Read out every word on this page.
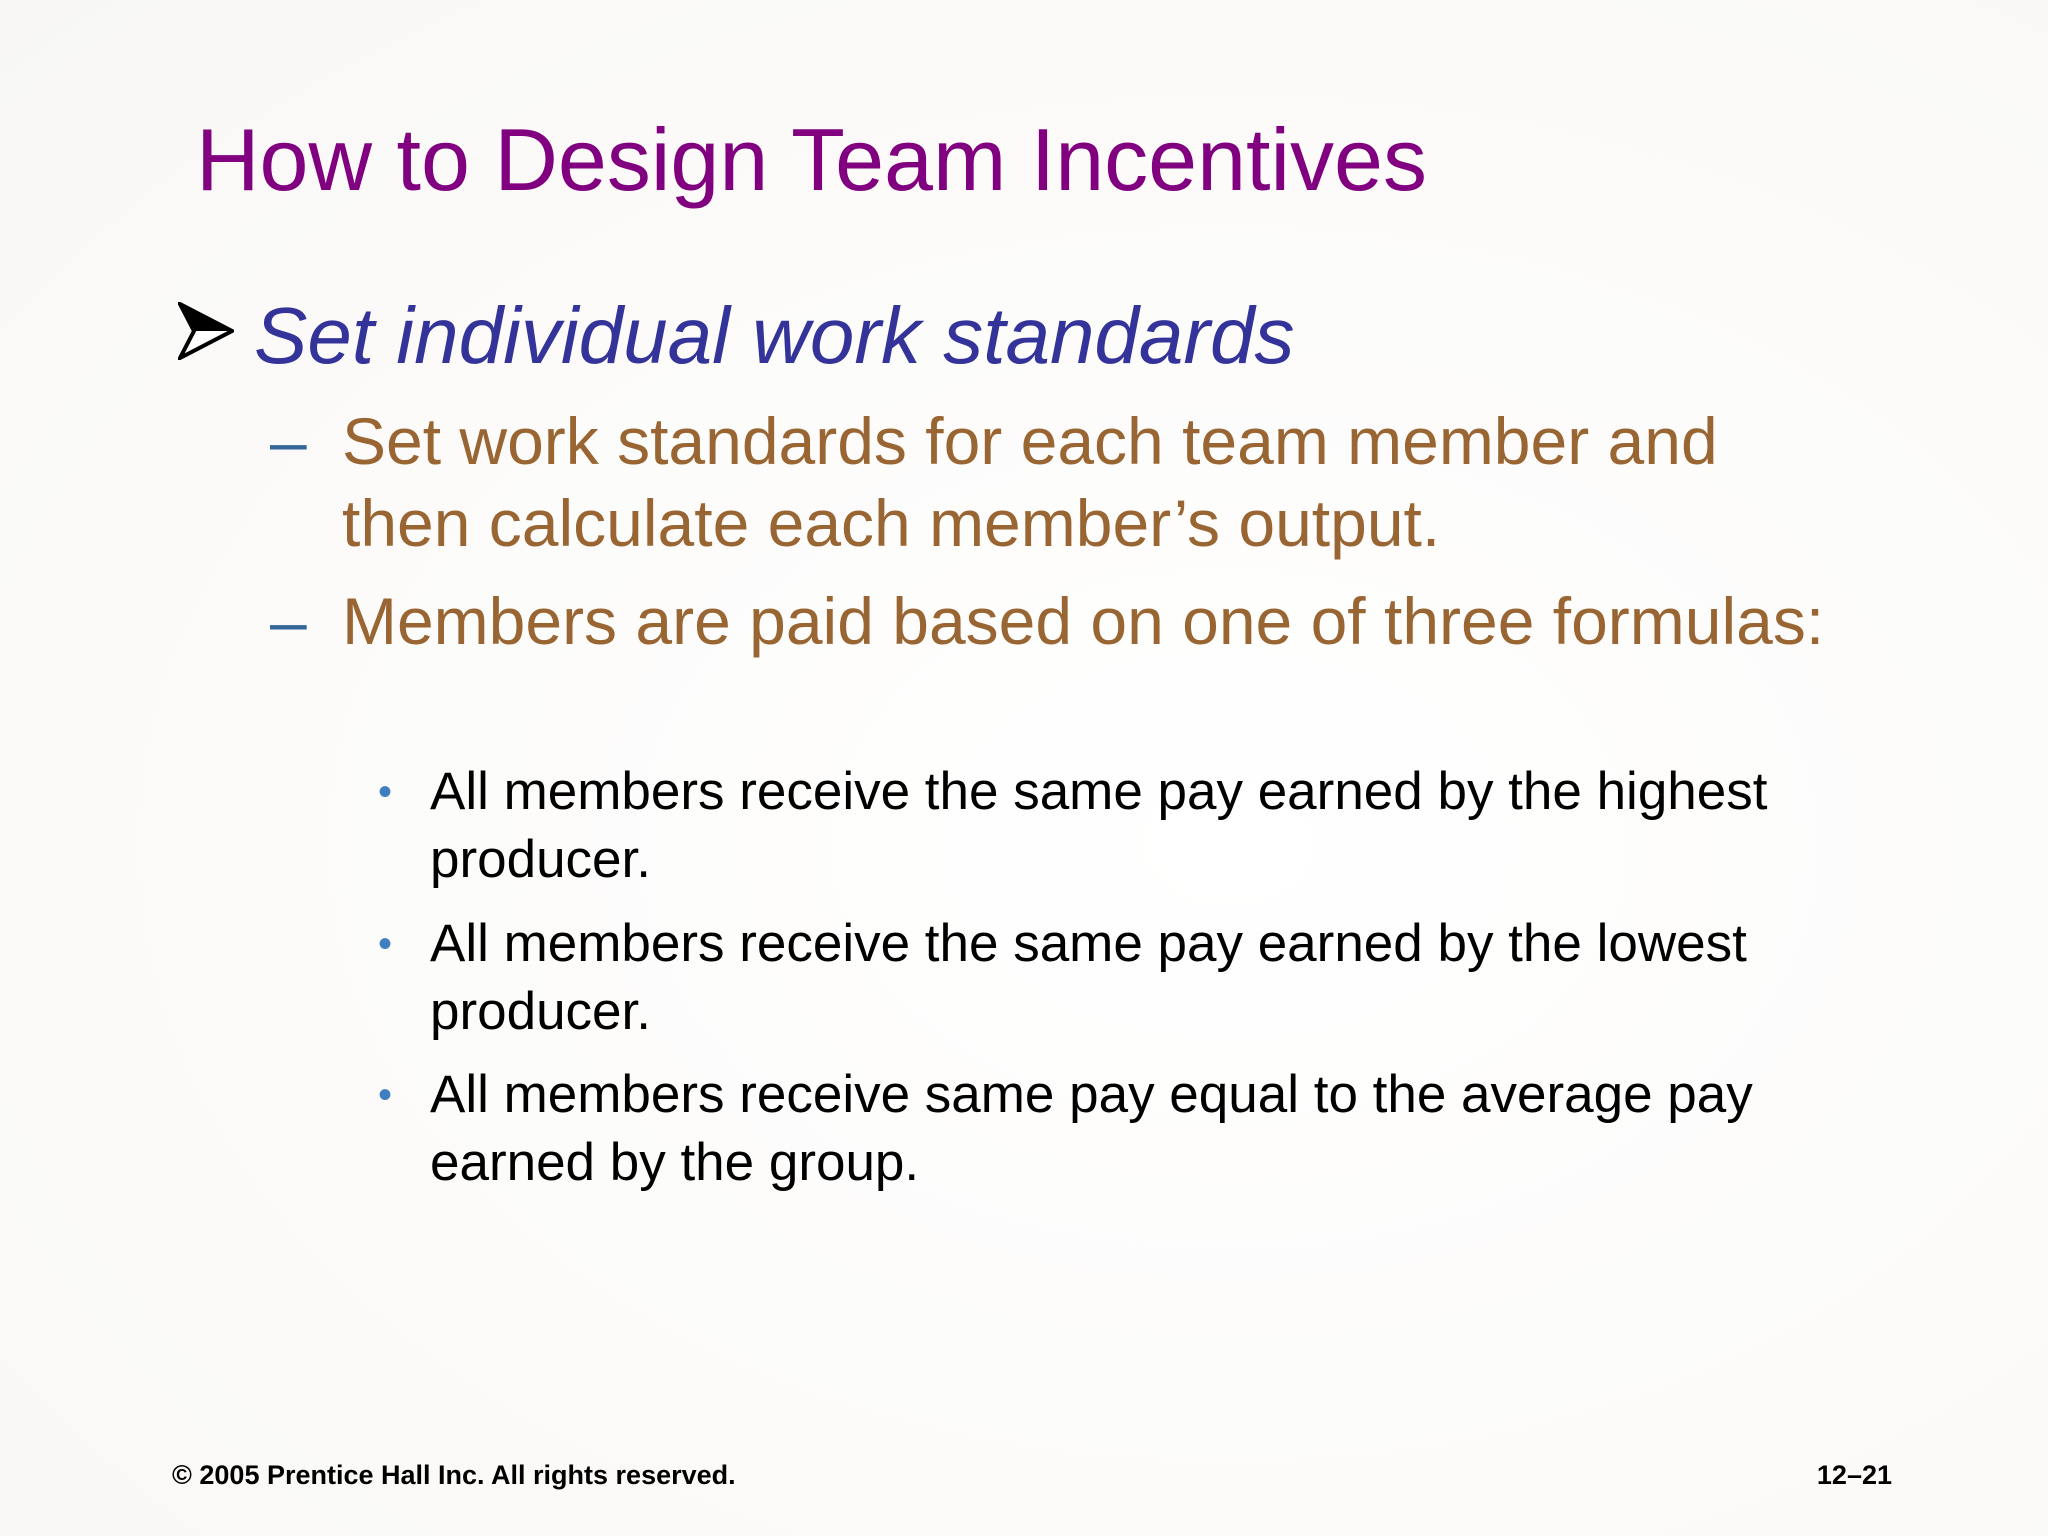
How to Design Team Incentives
Set individual work standards
– Set work standards for each team member and then calculate each member’s output.
– Members are paid based on one of three formulas:
• All members receive the same pay earned by the highest producer.
• All members receive the same pay earned by the lowest producer.
• All members receive same pay equal to the average pay earned by the group.
© 2005 Prentice Hall Inc. All rights reserved.	12–21
